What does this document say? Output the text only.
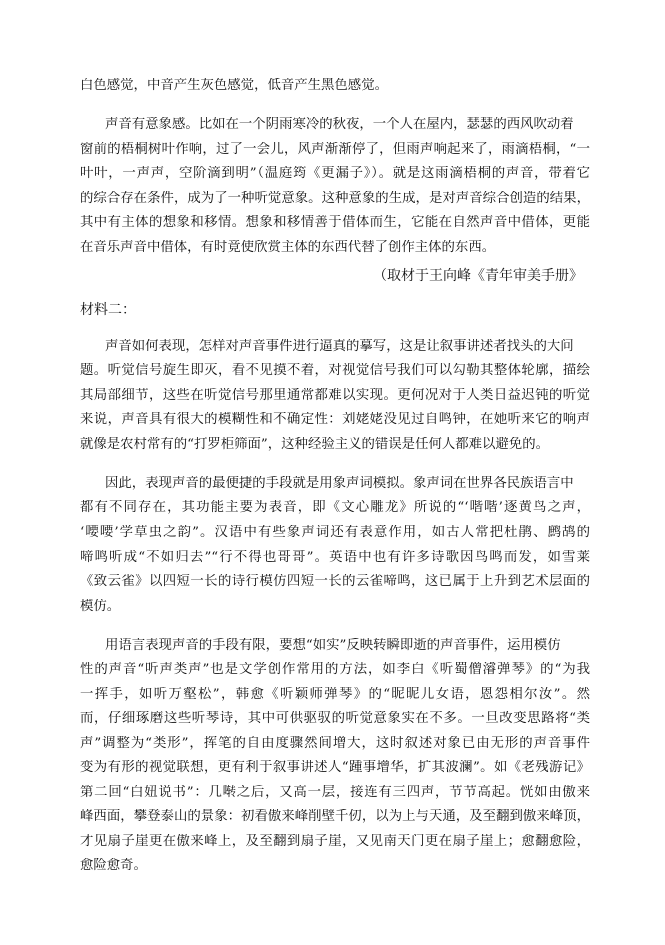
白色感觉，中音产生灰色感觉，低音产生黑色感觉。
声音有意象感。比如在一个阴雨寒冷的秋夜，一个人在屋内，瑟瑟的西风吹动着
窗前的梧桐树叶作响，过了一会儿，风声渐渐停了，但雨声响起来了，雨滴梧桐，“一
叶叶，一声声，空阶滴到明”（温庭筠《更漏子》）。就是这雨滴梧桐的声音，带着它
的综合存在条件，成为了一种听觉意象。这种意象的生成，是对声音综合创造的结果，
其中有主体的想象和移情。想象和移情善于借体而生，它能在自然声音中借体，更能
在音乐声音中借体，有时竟使欣赏主体的东西代替了创作主体的东西。
（取材于王向峰《青年审美手册》
材料二：
声音如何表现，怎样对声音事件进行逼真的摹写，这是让叙事讲述者找头的大问
题。听觉信号旋生即灭，看不见摸不着，对视觉信号我们可以勾勒其整体轮廓，描绘
其局部细节，这些在听觉信号那里通常都难以实现。更何况对于人类日益迟钝的听觉
来说，声音具有很大的模糊性和不确定性：刘姥姥没见过自鸣钟，在她听来它的响声
就像是农村常有的“打罗柜筛面”，这种经验主义的错误是任何人都难以避免的。
因此，表现声音的最便捷的手段就是用象声词模拟。象声词在世界各民族语言中
都有不同存在，其功能主要为表音，即《文心雕龙》所说的“‘喈喈’逐黄鸟之声，
‘喓喓’学草虫之韵”。汉语中有些象声词还有表意作用，如古人常把杜鹃、鹧鸪的
啼鸣听成“不如归去”“行不得也哥哥”。英语中也有许多诗歌因鸟鸣而发，如雪莱
《致云雀》以四短一长的诗行模仿四短一长的云雀啼鸣，这已属于上升到艺术层面的
模仿。
用语言表现声音的手段有限，要想“如实”反映转瞬即逝的声音事件，运用模仿
性的声音“听声类声”也是文学创作常用的方法，如李白《听蜀僧濬弹琴》的“为我
一挥手，如听万壑松”，韩愈《听颖师弹琴》的“昵昵儿女语，恩怨相尔汝”。然
而，仔细琢磨这些听琴诗，其中可供驱驭的听觉意象实在不多。一旦改变思路将“类
声”调整为“类形”，挥笔的自由度骤然间增大，这时叙述对象已由无形的声音事件
变为有形的视觉联想，更有利于叙事讲述人“踵事增华，扩其波澜”。如《老残游记》
第二回“白妞说书”：几啭之后，又高一层，接连有三四声，节节高起。恍如由傲来
峰西面，攀登泰山的景象：初看傲来峰削壁千仞，以为上与天通，及至翻到傲来峰顶，
才见扇子崖更在傲来峰上，及至翻到扇子崖，又见南天门更在扇子崖上；愈翻愈险，
愈险愈奇。
